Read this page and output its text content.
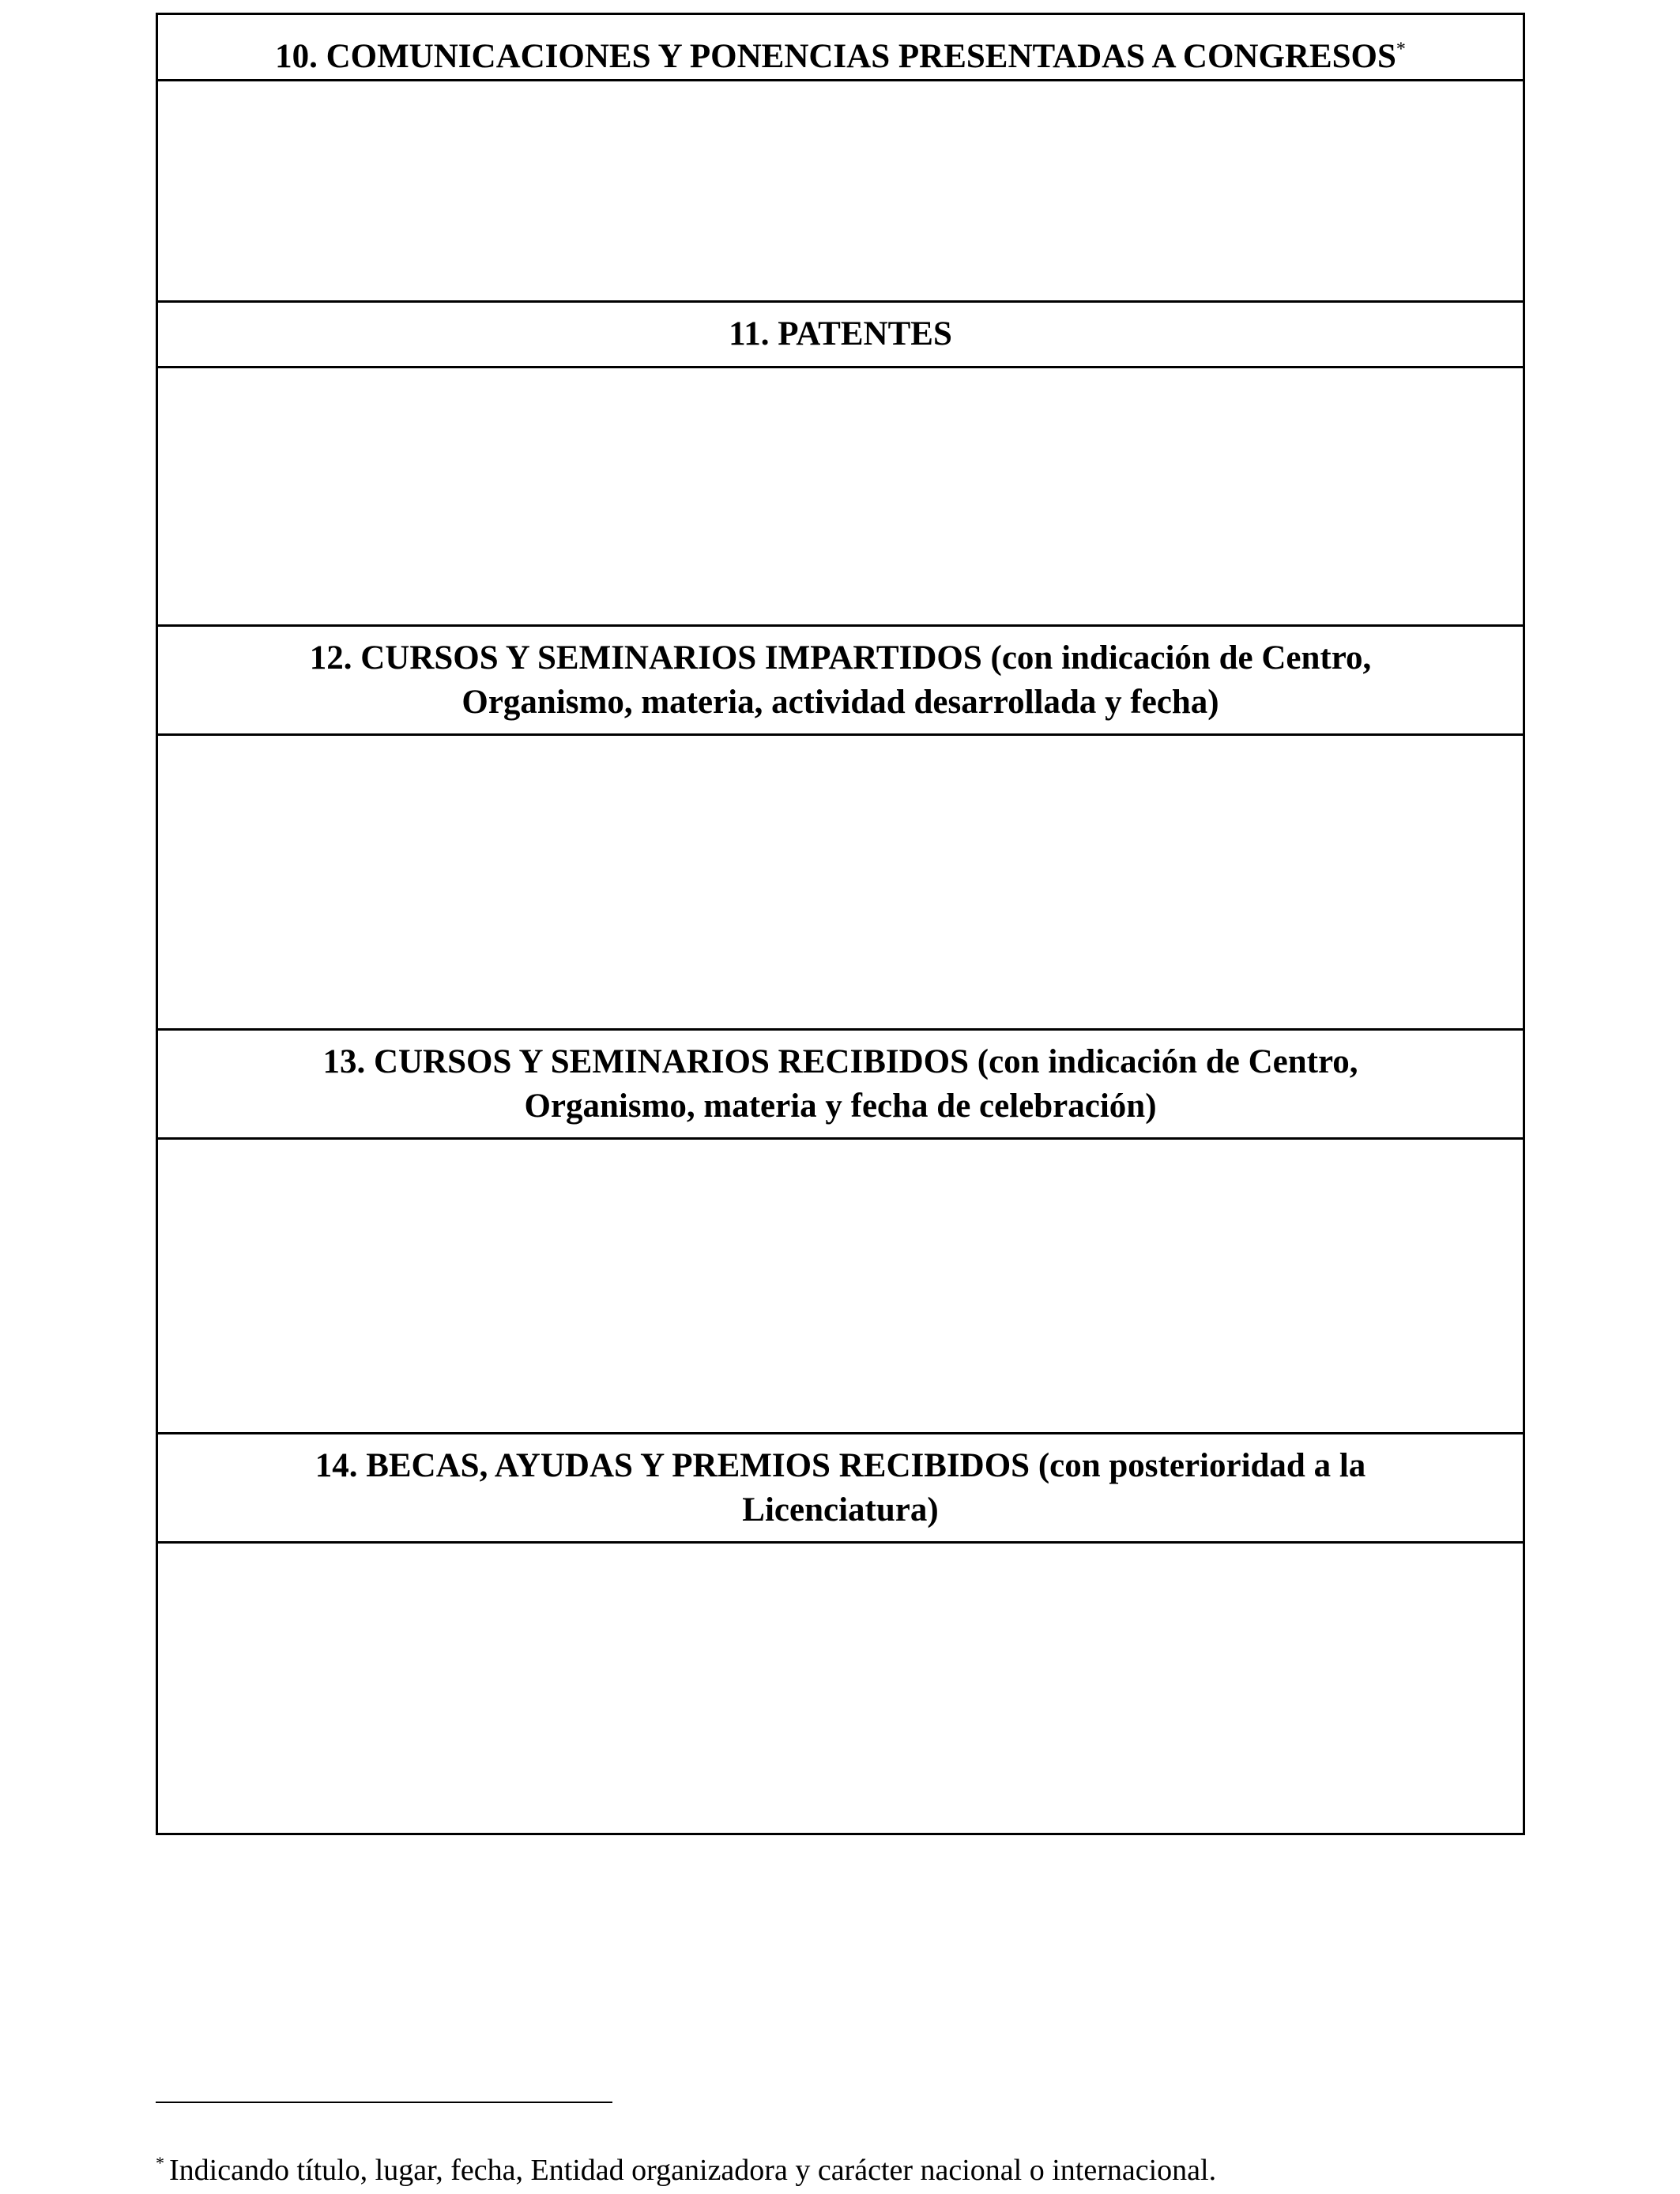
10. COMUNICACIONES Y PONENCIAS PRESENTADAS A CONGRESOS*
11. PATENTES
12. CURSOS Y SEMINARIOS IMPARTIDOS (con indicación de Centro,
Organismo, materia, actividad desarrollada y fecha)
13. CURSOS Y SEMINARIOS RECIBIDOS (con indicación de Centro,
Organismo, materia y fecha de celebración)
14. BECAS, AYUDAS Y PREMIOS RECIBIDOS (con posterioridad a la
Licenciatura)
* Indicando título, lugar, fecha, Entidad organizadora y carácter nacional o internacional.
